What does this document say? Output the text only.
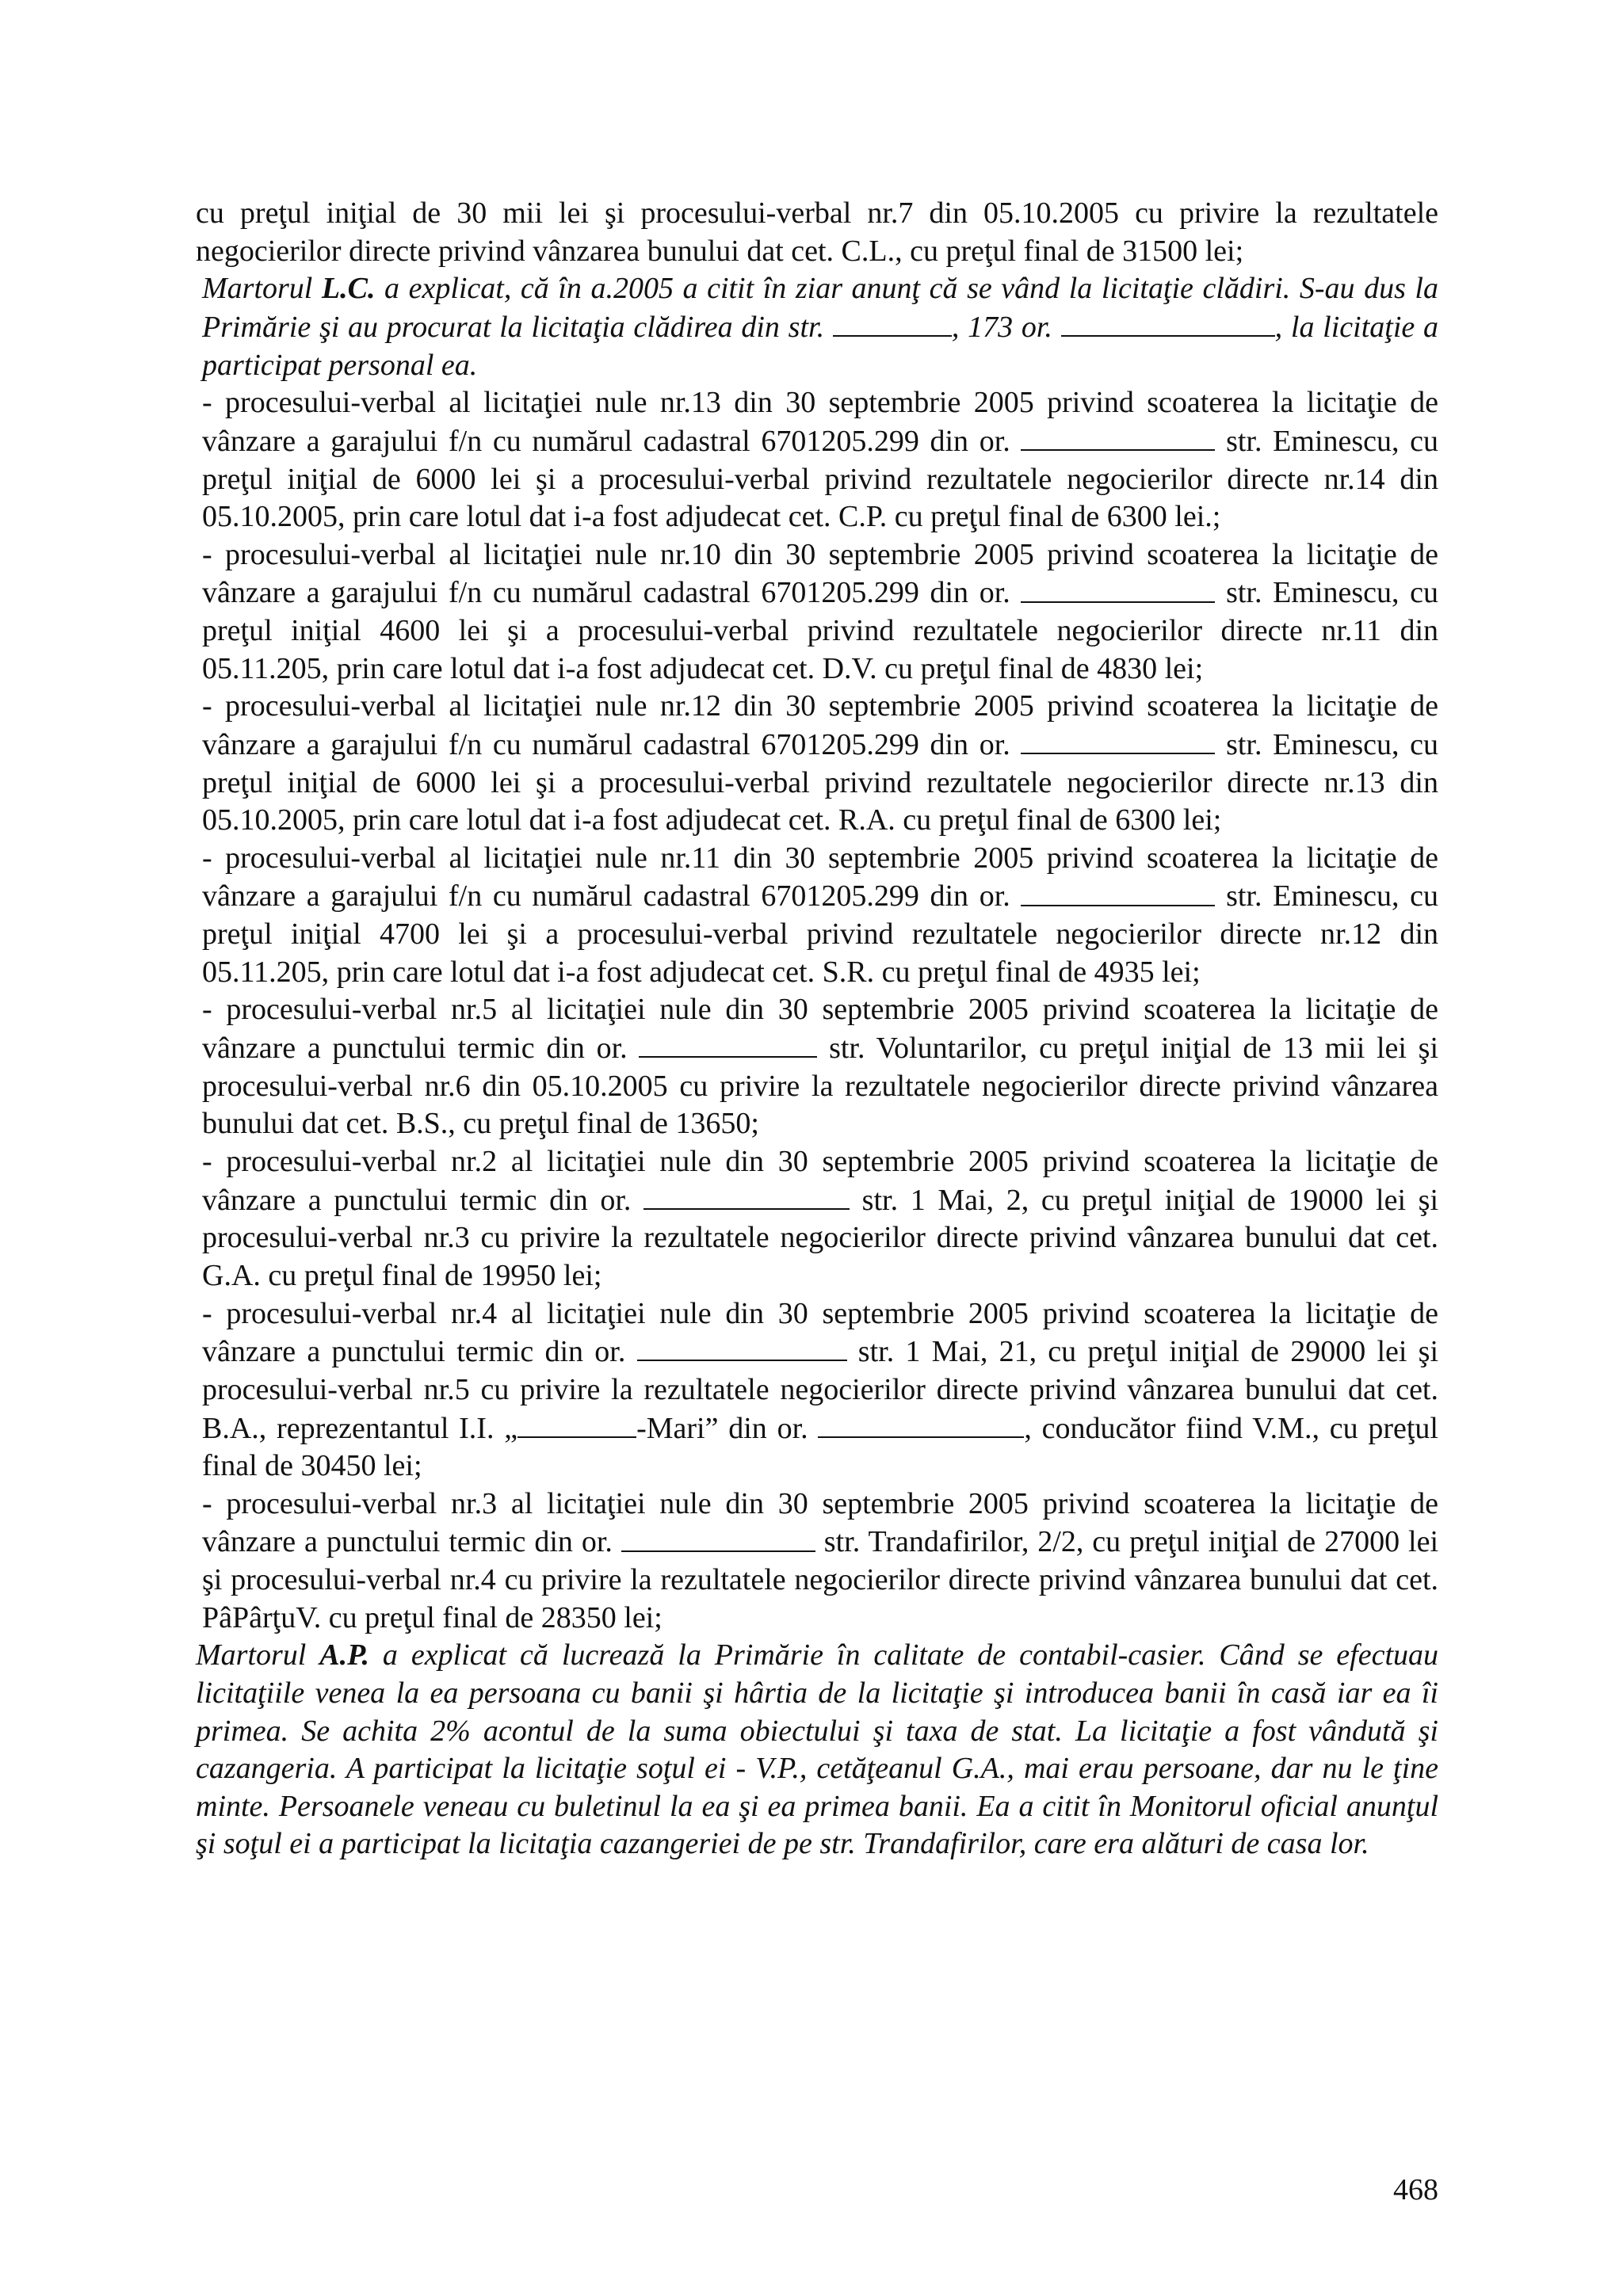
cu preţul iniţial de 30 mii lei şi procesului-verbal nr.7 din 05.10.2005 cu privire la rezultatele negocierilor directe privind vânzarea bunului dat cet. C.L., cu preţul final de 31500 lei;

Martorul L.C. a explicat, că în a.2005 a citit în ziar anunţ că se vând la licitaţie clădiri. S-au dus la Primărie şi au procurat la licitaţia clădirea din str.	, 173 or.	, la licitaţie a participat personal ea.

- procesului-verbal al licitaţiei nule nr.13 din 30 septembrie 2005 privind scoaterea la licitaţie de vânzare a garajului f/n cu numărul cadastral 6701205.299 din or.	str. Eminescu, cu preţul iniţial de 6000 lei şi a procesului-verbal privind rezultatele negocierilor directe nr.14 din 05.10.2005, prin care lotul dat i-a fost adjudecat cet. C.P. cu preţul final de 6300 lei.;

- procesului-verbal al licitaţiei nule nr.10 din 30 septembrie 2005 privind scoaterea la licitaţie de vânzare a garajului f/n cu numărul cadastral 6701205.299 din or.	str. Eminescu, cu preţul iniţial 4600 lei şi a procesului-verbal privind rezultatele negocierilor directe nr.11 din 05.11.205, prin care lotul dat i-a fost adjudecat cet. D.V. cu preţul final de 4830 lei;

- procesului-verbal al licitaţiei nule nr.12 din 30 septembrie 2005 privind scoaterea la licitaţie de vânzare a garajului f/n cu numărul cadastral 6701205.299 din or.	str. Eminescu, cu preţul iniţial de 6000 lei şi a procesului-verbal privind rezultatele negocierilor directe nr.13 din 05.10.2005, prin care lotul dat i-a fost adjudecat cet. R.A. cu preţul final de 6300 lei;

- procesului-verbal al licitaţiei nule nr.11 din 30 septembrie 2005 privind scoaterea la licitaţie de vânzare a garajului f/n cu numărul cadastral 6701205.299 din or.	str. Eminescu, cu preţul iniţial 4700 lei şi a procesului-verbal privind rezultatele negocierilor directe nr.12 din 05.11.205, prin care lotul dat i-a fost adjudecat cet. S.R. cu preţul final de 4935 lei;

- procesului-verbal nr.5 al licitaţiei nule din 30 septembrie 2005 privind scoaterea la licitaţie de vânzare a punctului termic din or.	str. Voluntarilor, cu preţul iniţial de 13 mii lei şi procesului-verbal nr.6 din 05.10.2005 cu privire la rezultatele negocierilor directe privind vânzarea bunului dat cet. B.S., cu preţul final de 13650;

- procesului-verbal nr.2 al licitaţiei nule din 30 septembrie 2005 privind scoaterea la licitaţie de vânzare a punctului termic din or.	str. 1 Mai, 2, cu preţul iniţial de 19000 lei şi procesului-verbal nr.3 cu privire la rezultatele negocierilor directe privind vânzarea bunului dat cet. G.A. cu preţul final de 19950 lei;

- procesului-verbal nr.4 al licitaţiei nule din 30 septembrie 2005 privind scoaterea la licitaţie de vânzare a punctului termic din or.	str. 1 Mai, 21, cu preţul iniţial de 29000 lei şi procesului-verbal nr.5 cu privire la rezultatele negocierilor directe privind vânzarea bunului dat cet. B.A., reprezentantul I.I. „	-Mari” din or.	, conducător fiind V.M., cu preţul final de 30450 lei;

- procesului-verbal nr.3 al licitaţiei nule din 30 septembrie 2005 privind scoaterea la licitaţie de vânzare a punctului termic din or.	str. Trandafirilor, 2/2, cu preţul iniţial de 27000 lei şi procesului-verbal nr.4 cu privire la rezultatele negocierilor directe privind vânzarea bunului dat cet. PâPârţuV. cu preţul final de 28350 lei;

Martorul A.P. a explicat că lucrează la Primărie în calitate de contabil-casier. Când se efectuau licitaţiile venea la ea persoana cu banii şi hârtia de la licitaţie şi introducea banii în casă iar ea îi primea. Se achita 2% acontul de la suma obiectului şi taxa de stat. La licitaţie a fost vândută şi cazangeria. A participat la licitaţie soţul ei - V.P., cetăţeanul G.A., mai erau persoane, dar nu le ţine minte. Persoanele veneau cu buletinul la ea şi ea primea banii. Ea a citit în Monitorul oficial anunţul şi soţul ei a participat la licitaţia cazangeriei de pe str. Trandafirilor, care era alături de casa lor.

468
